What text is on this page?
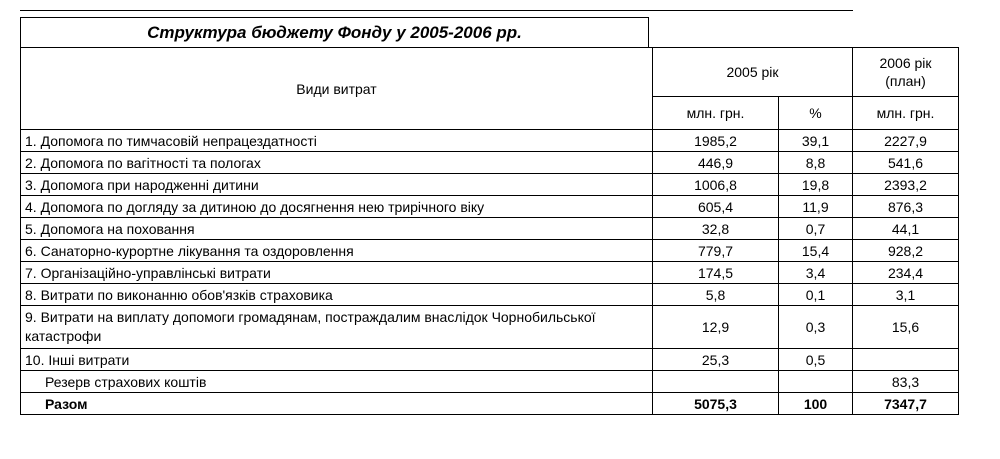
Структура бюджету Фонду у 2005-2006 рр.
Види витрат	2005 рік		2006 рік
(план)
	млн. грн.	%	млн. грн.
1. Допомога по тимчасовій непрацездатності	1985,2	39,1	2227,9
2. Допомога по вагітності та пологах	446,9	8,8	541,6
3. Допомога при народженні дитини	1006,8	19,8	2393,2
4. Допомога по догляду за дитиною до досягнення нею трирічного віку	605,4	11,9	876,3
5. Допомога на поховання	32,8	0,7	44,1
6. Санаторно-курортне лікування та оздоровлення	779,7	15,4	928,2
7. Організаційно-управлінські витрати	174,5	3,4	234,4
8. Витрати по виконанню обов'язків страховика	5,8	0,1	3,1
9. Витрати на виплату допомоги громадянам, постраждалим внаслідок Чорнобильської катастрофи	12,9	0,3	15,6
10. Інші витрати	25,3	0,5	
Резерв страхових коштів			83,3
Разом	5075,3	100	7347,7
